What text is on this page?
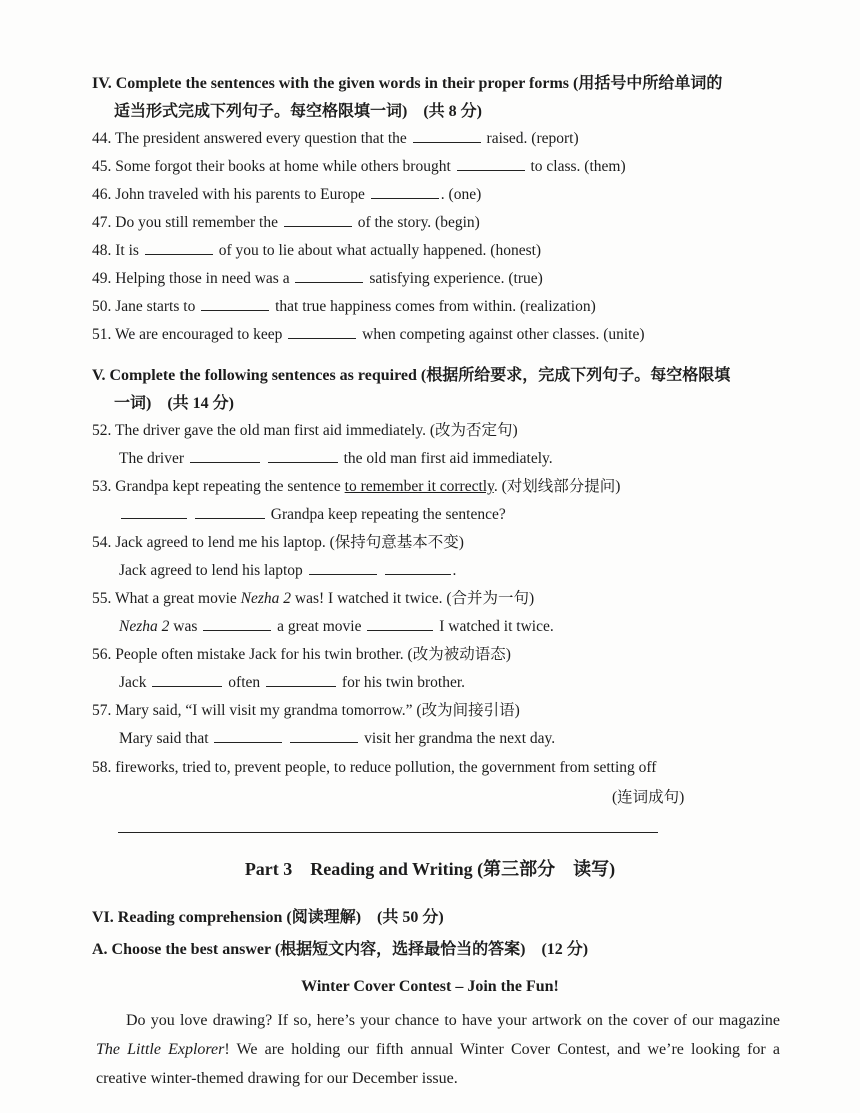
IV. Complete the sentences with the given words in their proper forms (用括号中所给单词的
适当形式完成下列句子。每空格限填一词)　(共 8 分)
44. The president answered every question that the	raised. (report)
45. Some forgot their books at home while others brought	to class. (them)
46. John traveled with his parents to Europe	. (one)
47. Do you still remember the	of the story. (begin)
48. It is	of you to lie about what actually happened. (honest)
49. Helping those in need was a	satisfying experience. (true)
50. Jane starts to	that true happiness comes from within. (realization)
51. We are encouraged to keep	when competing against other classes. (unite)
V. Complete the following sentences as required (根据所给要求，完成下列句子。每空格限填
一词)　(共 14 分)
52. The driver gave the old man first aid immediately. (改为否定句)
The driver	the old man first aid immediately.
53. Grandpa kept repeating the sentence to remember it correctly. (对划线部分提问)
Grandpa keep repeating the sentence?
54. Jack agreed to lend me his laptop. (保持句意基本不变)
Jack agreed to lend his laptop	.
55. What a great movie Nezha 2 was! I watched it twice. (合并为一句)
Nezha 2 was	a great movie	I watched it twice.
56. People often mistake Jack for his twin brother. (改为被动语态)
Jack	often	for his twin brother.
57. Mary said, “I will visit my grandma tomorrow.” (改为间接引语)
Mary said that	visit her grandma the next day.
58. fireworks, tried to, prevent people, to reduce pollution, the government from setting off
(连词成句)
Part 3 Reading and Writing (第三部分　读写)
VI. Reading comprehension (阅读理解)　(共 50 分)
A. Choose the best answer (根据短文内容，选择最恰当的答案)　(12 分)
Winter Cover Contest – Join the Fun!
Do you love drawing? If so, here’s your chance to have your artwork on the cover of our magazine The Little Explorer! We are holding our fifth annual Winter Cover Contest, and we’re looking for a creative winter-themed drawing for our December issue.
